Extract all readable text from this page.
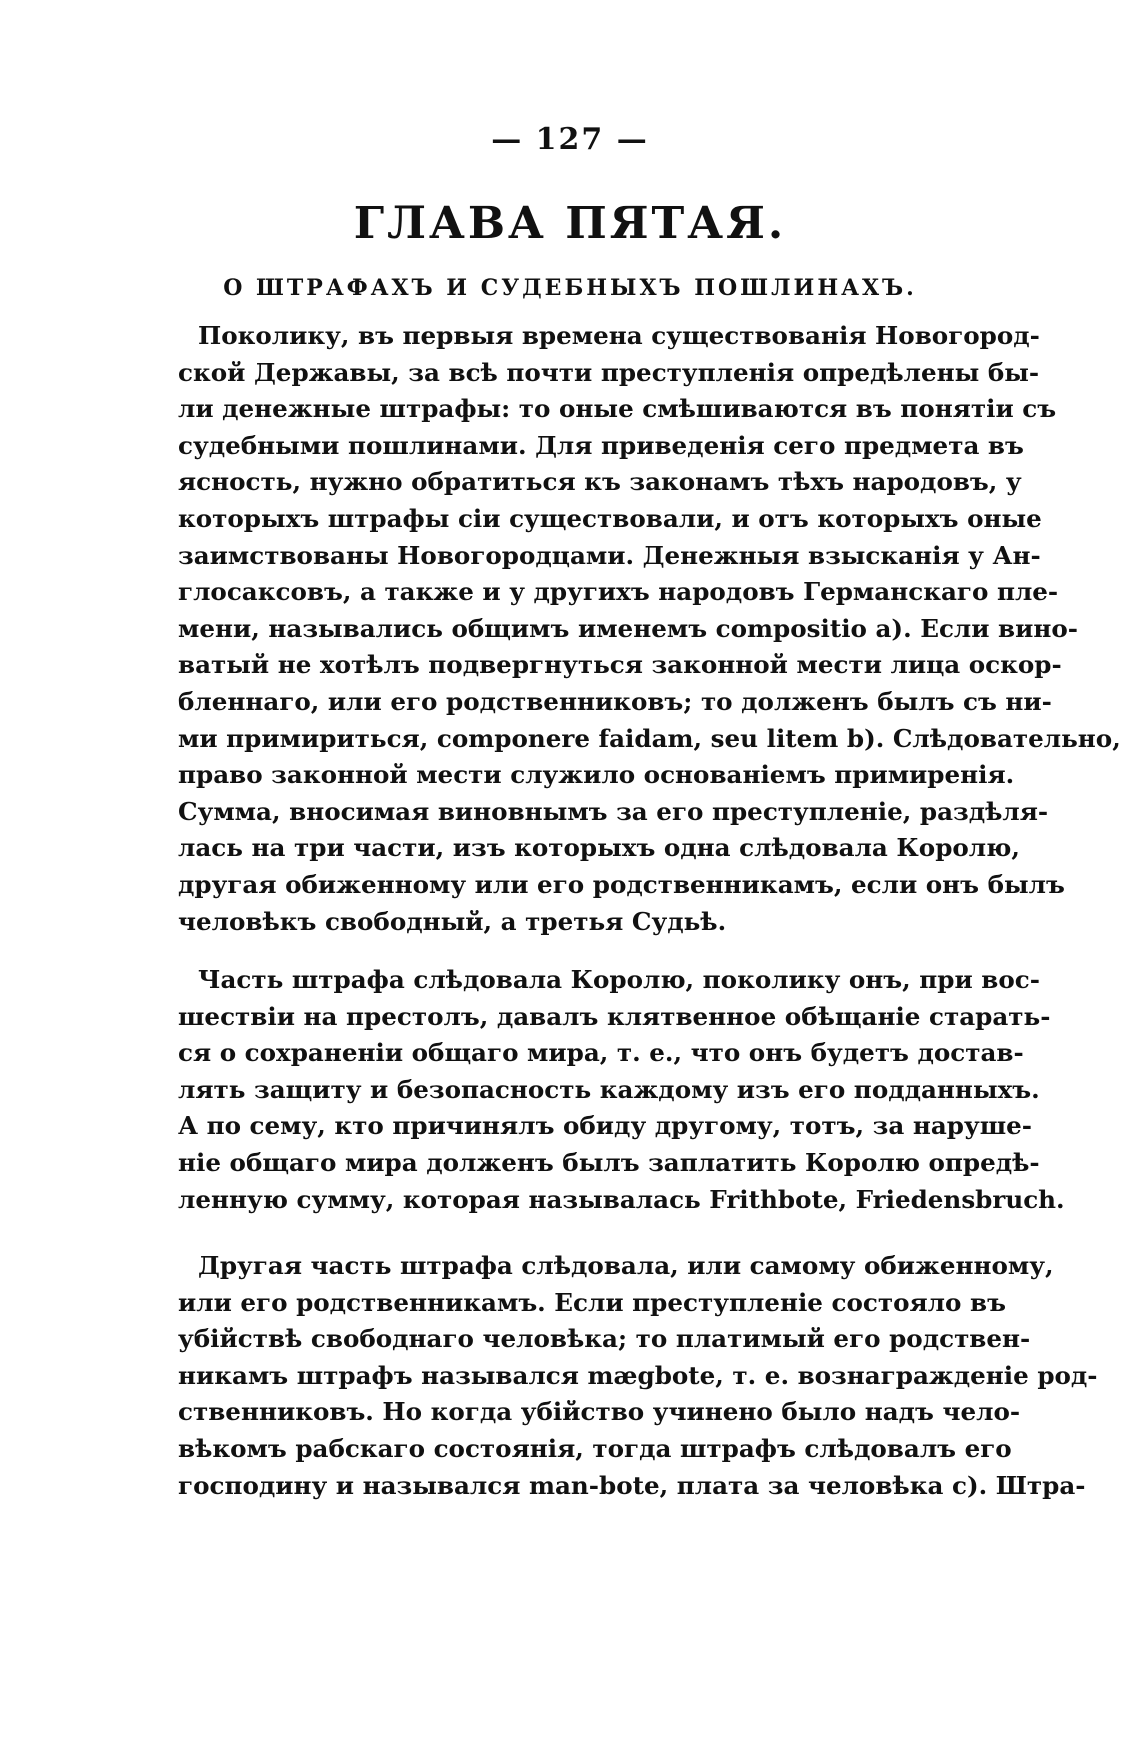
— 127 —
ГЛАВА ПЯТАЯ.
О ШТРАФАХЪ И СУДЕБНЫХЪ ПОШЛИНАХЪ.
Поколику, въ первыя времена существованія Новогород-
ской Державы, за всѣ почти преступленія опредѣлены бы-
ли денежные штрафы: то оные смѣшиваются въ понятіи съ
судебными пошлинами. Для приведенія сего предмета въ
ясность, нужно обратиться къ законамъ тѣхъ народовъ, у
которыхъ штрафы сіи существовали, и отъ которыхъ оные
заимствованы Новогородцами. Денежныя взысканія у Ан-
глосаксовъ, а также и у другихъ народовъ Германскаго пле-
мени, назывались общимъ именемъ compositio a). Если вино-
ватый не хотѣлъ подвергнуться законной мести лица оскор-
бленнаго, или его родственниковъ; то долженъ былъ съ ни-
ми примириться, componere faidam, seu litem b). Слѣдовательно,
право законной мести служило основаніемъ примиренія.
Сумма, вносимая виновнымъ за его преступленіе, раздѣля-
лась на три части, изъ которыхъ одна слѣдовала Королю,
другая обиженному или его родственникамъ, если онъ былъ
человѣкъ свободный, а третья Судьѣ.
Часть штрафа слѣдовала Королю, поколику онъ, при вос-
шествіи на престолъ, давалъ клятвенное обѣщаніе старать-
ся о сохраненіи общаго мира, т. е., что онъ будетъ достав-
лять защиту и безопасность каждому изъ его подданныхъ.
А по сему, кто причинялъ обиду другому, тотъ, за наруше-
ніе общаго мира долженъ былъ заплатить Королю опредѣ-
ленную сумму, которая называлась Frithbote, Friedensbruch.
Другая часть штрафа слѣдовала, или самому обиженному,
или его родственникамъ. Если преступленіе состояло въ
убійствѣ свободнаго человѣка; то платимый его родствен-
никамъ штрафъ назывался mægbote, т. е. вознагражденіе род-
ственниковъ. Но когда убійство учинено было надъ чело-
вѣкомъ рабскаго состоянія, тогда штрафъ слѣдовалъ его
господину и назывался man-bote, плата за человѣка c). Штра-
